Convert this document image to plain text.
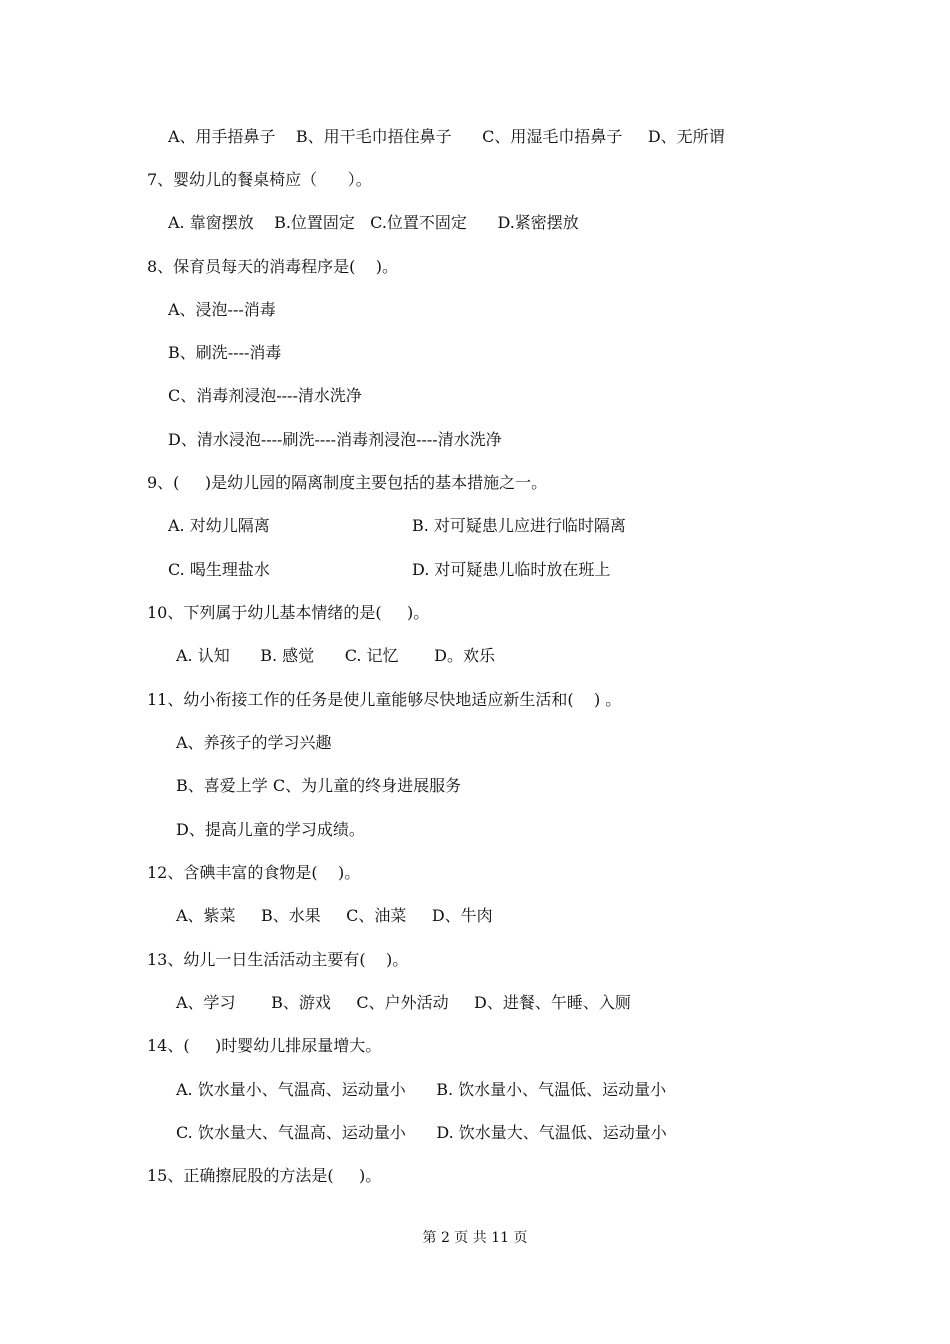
A、用手捂鼻子    B、用干毛巾捂住鼻子      C、用湿毛巾捂鼻子     D、无所谓
7、婴幼儿的餐桌椅应（      ）。
A. 靠窗摆放    B.位置固定   C.位置不固定      D.紧密摆放
8、保育员每天的消毒程序是(    )。
A、浸泡---消毒
B、刷洗----消毒
C、消毒剂浸泡----清水洗净
D、清水浸泡----刷洗----消毒剂浸泡----清水洗净
9、(     )是幼儿园的隔离制度主要包括的基本措施之一。
A. 对幼儿隔离	B. 对可疑患儿应进行临时隔离
C. 喝生理盐水	D. 对可疑患儿临时放在班上
10、下列属于幼儿基本情绪的是(     )。
A. 认知      B. 感觉      C. 记忆       D。欢乐
11、幼小衔接工作的任务是使儿童能够尽快地适应新生活和(    ) 。
A、养孩子的学习兴趣
B、喜爱上学 C、为儿童的终身进展服务
D、提高儿童的学习成绩。
12、含碘丰富的食物是(    )。
A、紫菜     B、水果     C、油菜     D、牛肉
13、幼儿一日生活活动主要有(    )。
A、学习       B、游戏     C、户外活动     D、进餐、午睡、入厕
14、(     )时婴幼儿排尿量增大。
A. 饮水量小、气温高、运动量小      B. 饮水量小、气温低、运动量小
C. 饮水量大、气温高、运动量小      D. 饮水量大、气温低、运动量小
15、正确擦屁股的方法是(     )。
第 2 页 共 11 页
